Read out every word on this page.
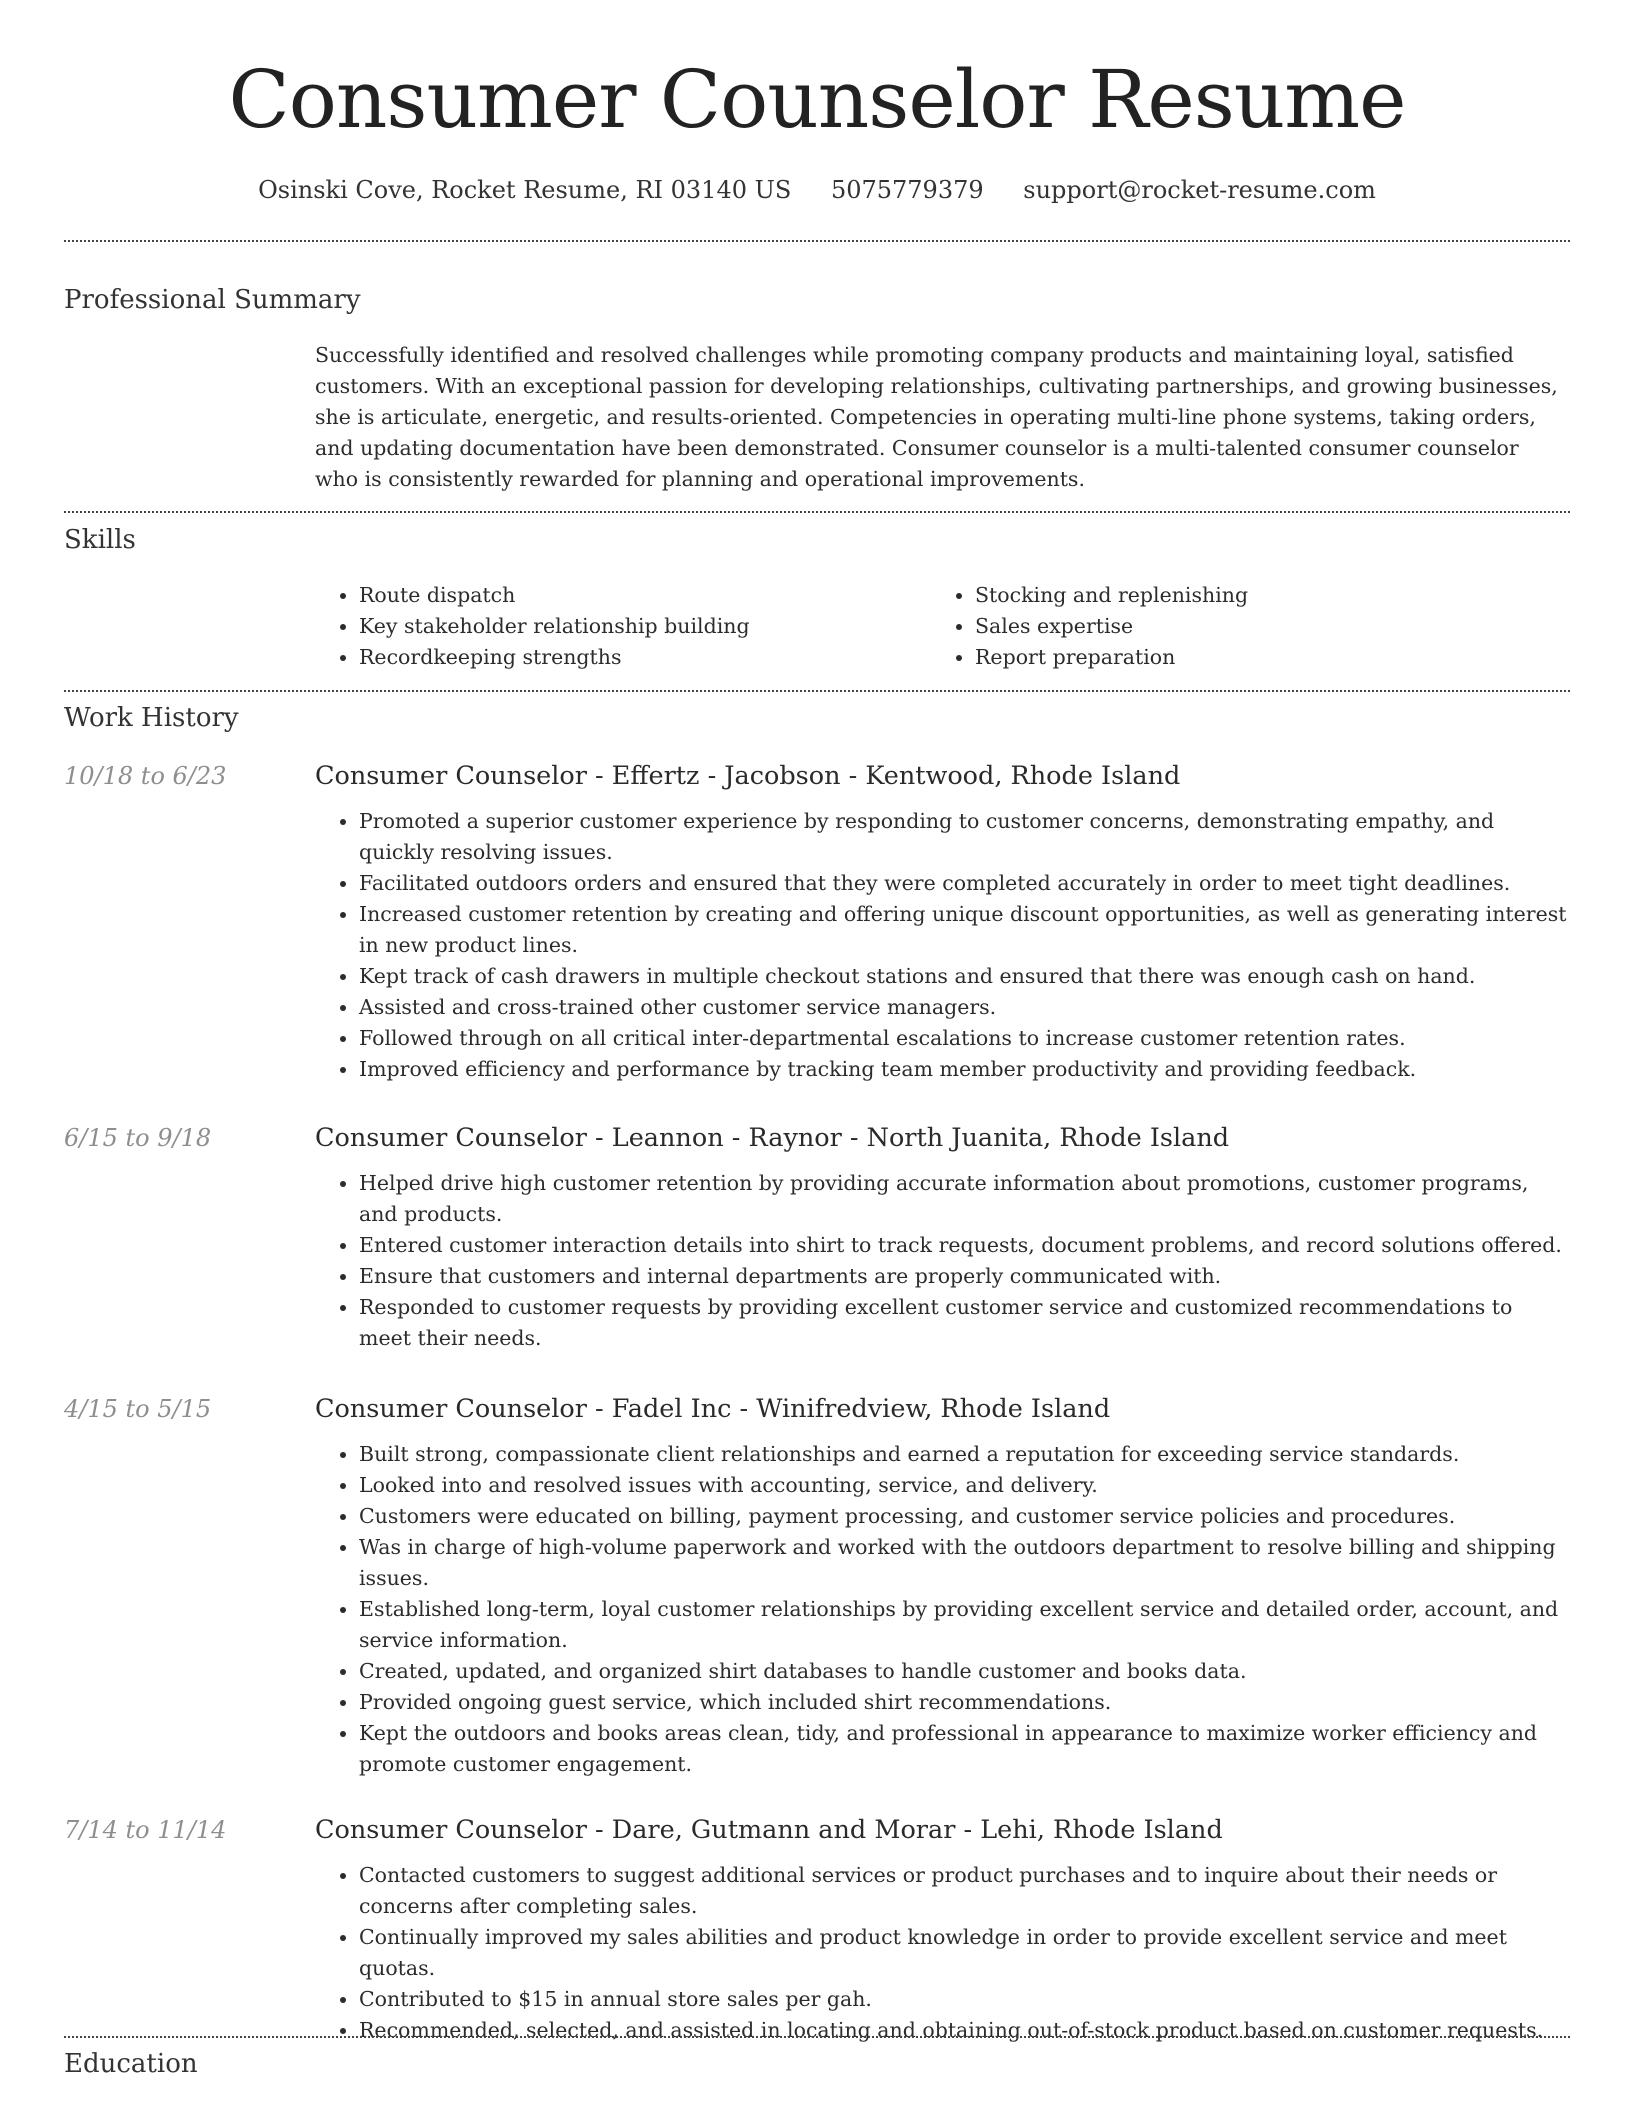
Consumer Counselor Resume
Osinski Cove, Rocket Resume, RI 03140 US 5075779379 support@rocket-resume.com
Professional Summary

Successfully identified and resolved challenges while promoting company products and maintaining loyal, satisfied customers. With an exceptional passion for developing relationships, cultivating partnerships, and growing businesses, she is articulate, energetic, and results-oriented. Competencies in operating multi-line phone systems, taking orders, and updating documentation have been demonstrated. Consumer counselor is a multi-talented consumer counselor who is consistently rewarded for planning and operational improvements.

Skills
• Route dispatch
• Key stakeholder relationship building
• Recordkeeping strengths
• Stocking and replenishing
• Sales expertise
• Report preparation
Work History
10/18 to 6/23	Consumer Counselor - Effertz - Jacobson - Kentwood, Rhode Island
• Promoted a superior customer experience by responding to customer concerns, demonstrating empathy, and quickly resolving issues.
• Facilitated outdoors orders and ensured that they were completed accurately in order to meet tight deadlines.
• Increased customer retention by creating and offering unique discount opportunities, as well as generating interest in new product lines.
• Kept track of cash drawers in multiple checkout stations and ensured that there was enough cash on hand.
• Assisted and cross-trained other customer service managers.
• Followed through on all critical inter-departmental escalations to increase customer retention rates.
• Improved efficiency and performance by tracking team member productivity and providing feedback.
6/15 to 9/18	Consumer Counselor - Leannon - Raynor - North Juanita, Rhode Island
• Helped drive high customer retention by providing accurate information about promotions, customer programs, and products.
• Entered customer interaction details into shirt to track requests, document problems, and record solutions offered.
• Ensure that customers and internal departments are properly communicated with.
• Responded to customer requests by providing excellent customer service and customized recommendations to meet their needs.
4/15 to 5/15	Consumer Counselor - Fadel Inc - Winifredview, Rhode Island
• Built strong, compassionate client relationships and earned a reputation for exceeding service standards.
• Looked into and resolved issues with accounting, service, and delivery.
• Customers were educated on billing, payment processing, and customer service policies and procedures.
• Was in charge of high-volume paperwork and worked with the outdoors department to resolve billing and shipping issues.
• Established long-term, loyal customer relationships by providing excellent service and detailed order, account, and service information.
• Created, updated, and organized shirt databases to handle customer and books data.
• Provided ongoing guest service, which included shirt recommendations.
• Kept the outdoors and books areas clean, tidy, and professional in appearance to maximize worker efficiency and promote customer engagement.
7/14 to 11/14	Consumer Counselor - Dare, Gutmann and Morar - Lehi, Rhode Island
• Contacted customers to suggest additional services or product purchases and to inquire about their needs or concerns after completing sales.
• Continually improved my sales abilities and product knowledge in order to provide excellent service and meet quotas.
• Contributed to $15 in annual store sales per gah.
• Recommended, selected, and assisted in locating and obtaining out-of-stock product based on customer requests.
Education
